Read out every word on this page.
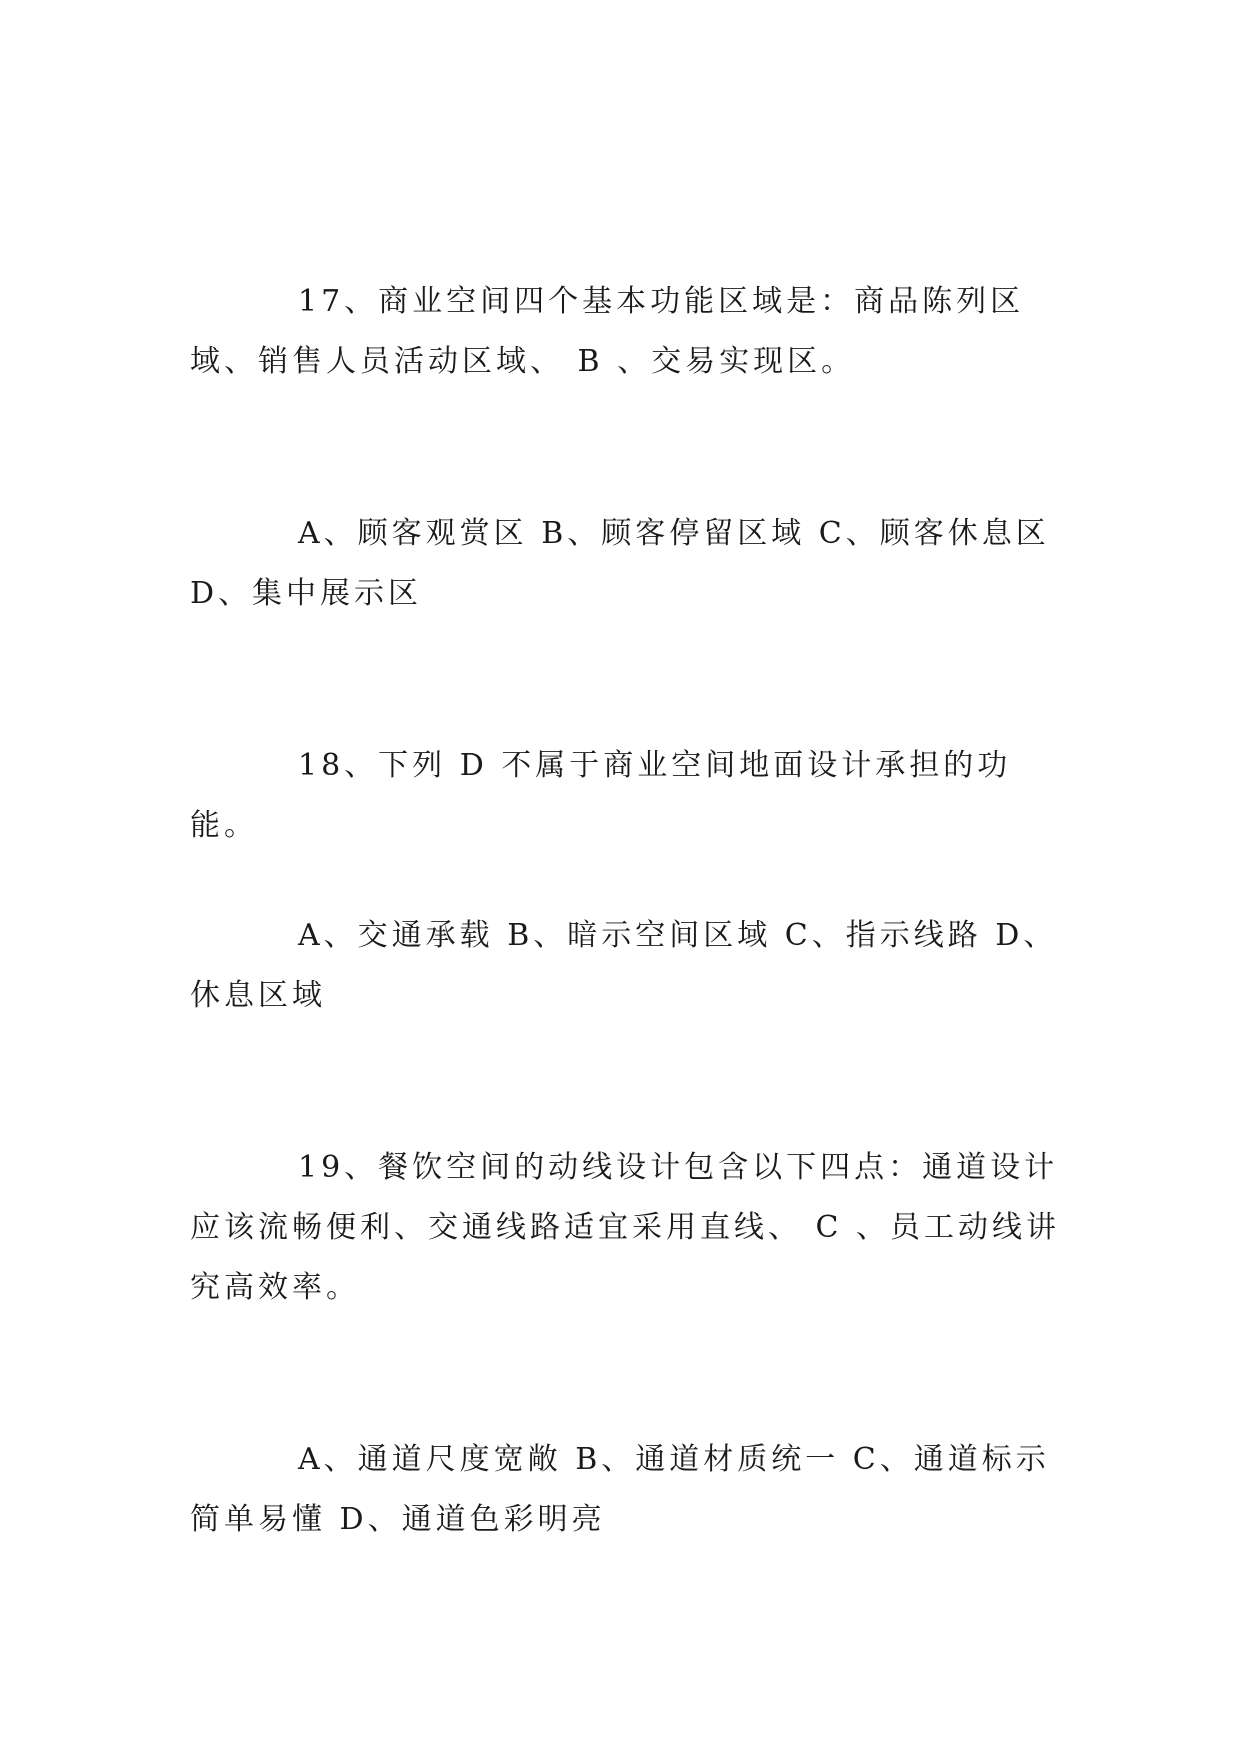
17、商业空间四个基本功能区域是：商品陈列区域、销售人员活动区域、 B 、交易实现区。

A、顾客观赏区 B、顾客停留区域 C、顾客休息区 D、集中展示区

18、下列 D 不属于商业空间地面设计承担的功能。

A、交通承载 B、暗示空间区域 C、指示线路 D、休息区域

19、餐饮空间的动线设计包含以下四点：通道设计应该流畅便利、交通线路适宜采用直线、 C 、员工动线讲究高效率。

A、通道尺度宽敞 B、通道材质统一 C、通道标示简单易懂 D、通道色彩明亮
